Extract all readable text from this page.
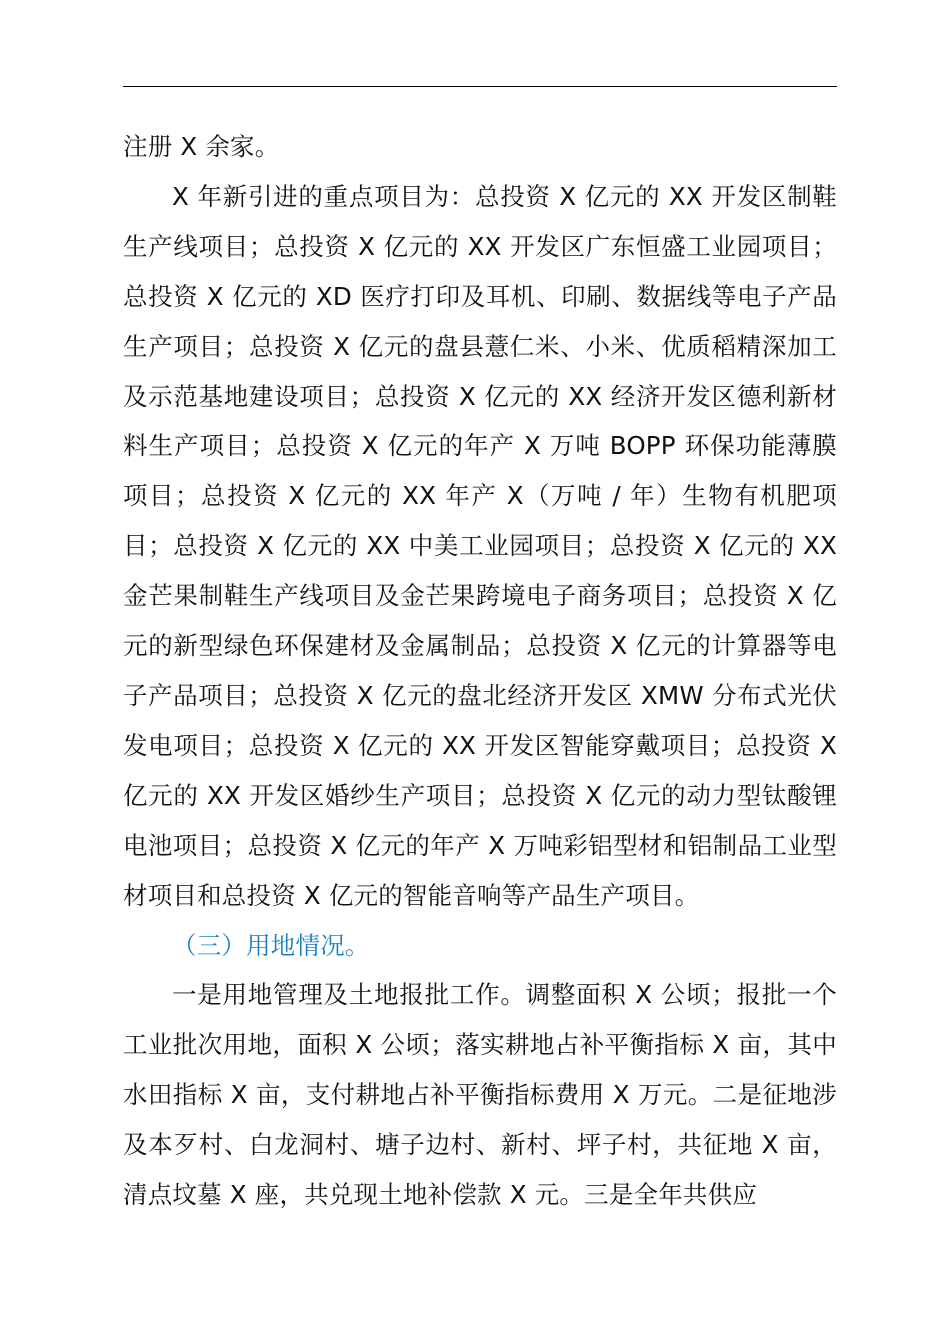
注册 X 余家。

X 年新引进的重点项目为：总投资 X 亿元的 XX 开发区制鞋生产线项目；总投资 X 亿元的 XX 开发区广东恒盛工业园项目；总投资 X 亿元的 XD 医疗打印及耳机、印刷、数据线等电子产品生产项目；总投资 X 亿元的盘县薏仁米、小米、优质稻精深加工及示范基地建设项目；总投资 X 亿元的 XX 经济开发区德利新材料生产项目；总投资 X 亿元的年产 X 万吨 BOPP 环保功能薄膜项目；总投资 X 亿元的 XX 年产 X（万吨 / 年）生物有机肥项目；总投资 X 亿元的 XX 中美工业园项目；总投资 X 亿元的 XX 金芒果制鞋生产线项目及金芒果跨境电子商务项目；总投资 X 亿元的新型绿色环保建材及金属制品；总投资 X 亿元的计算器等电子产品项目；总投资 X 亿元的盘北经济开发区 XMW 分布式光伏发电项目；总投资 X 亿元的 XX 开发区智能穿戴项目；总投资 X 亿元的 XX 开发区婚纱生产项目；总投资 X 亿元的动力型钛酸锂电池项目；总投资 X 亿元的年产 X 万吨彩铝型材和铝制品工业型材项目和总投资 X 亿元的智能音响等产品生产项目。

（三）用地情况。

一是用地管理及土地报批工作。调整面积 X 公顷；报批一个工业批次用地，面积 X 公顷；落实耕地占补平衡指标 X 亩，其中水田指标 X 亩，支付耕地占补平衡指标费用 X 万元。二是征地涉及本歹村、白龙洞村、塘子边村、新村、坪子村，共征地 X 亩，清点坟墓 X 座，共兑现土地补偿款 X 元。三是全年共供应
